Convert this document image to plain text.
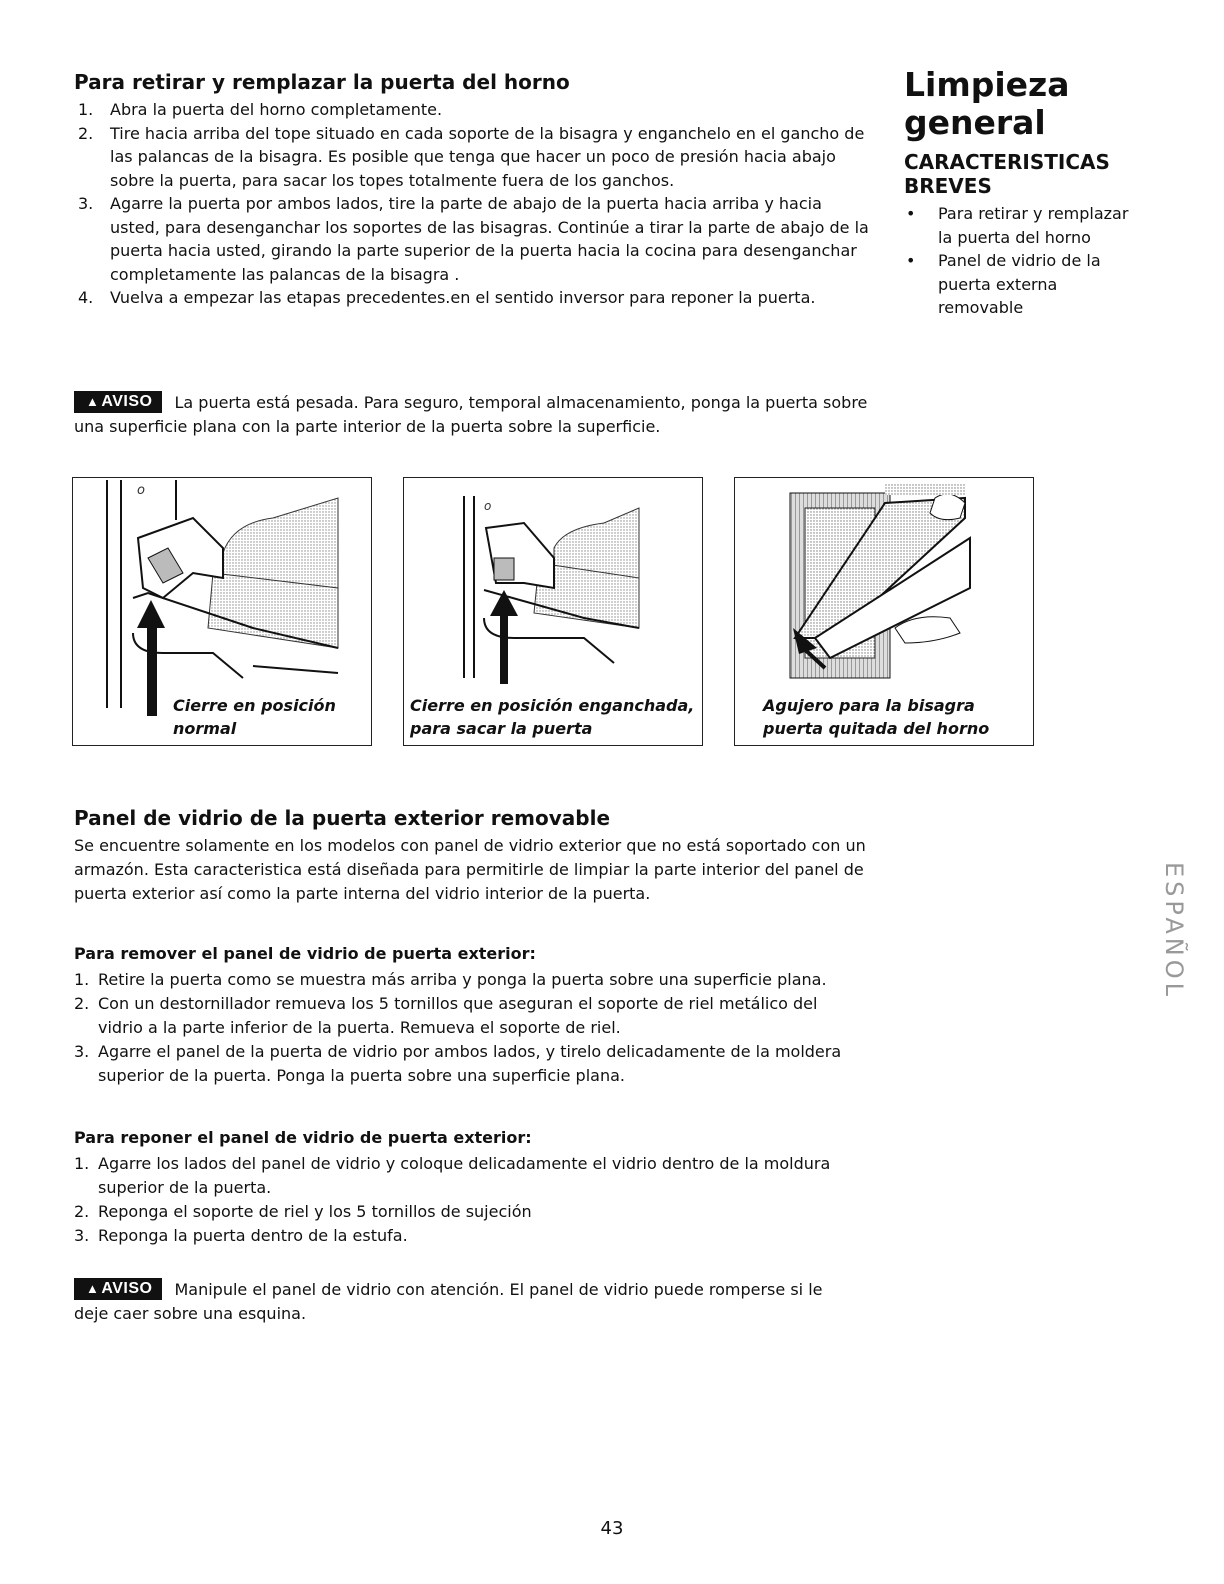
Para retirar y remplazar la puerta del horno
1. Abra la puerta del horno completamente.
2. Tire hacia arriba del tope situado en cada soporte de la bisagra y enganchelo en el gancho de las palancas de la bisagra. Es posible que tenga que hacer un poco de presión hacia abajo sobre la puerta, para sacar los topes totalmente fuera de los ganchos.
3. Agarre la puerta por ambos lados, tire la parte de abajo de la puerta hacia arriba y hacia usted, para desenganchar los soportes de las bisagras. Continúe a tirar la parte de abajo de la puerta hacia usted, girando la parte superior de la puerta hacia la cocina para desenganchar completamente las palancas de la bisagra .
4. Vuelva a empezar las etapas precedentes.en el sentido inversor para reponer la puerta.

Limpieza general

CARACTERISTICAS BREVES

• Para retirar y remplazar la puerta del horno
• Panel de vidrio de la puerta externa removable
▲ AVISO La puerta está pesada. Para seguro, temporal almacenamiento, ponga la puerta sobre una superficie plana con la parte interior de la puerta sobre la superficie.
o
Cierre en posición
normal
o
Cierre en posición enganchada,
para sacar la puerta
Agujero para la bisagra
puerta quitada del horno
Panel de vidrio de la puerta exterior removable

Se encuentre solamente en los modelos con panel de vidrio exterior que no está soportado con un armazón. Esta caracteristica está diseñada para permitirle de limpiar la parte interior del panel de puerta exterior así como la parte interna del vidrio interior de la puerta.

Para remover el panel de vidrio de puerta exterior:

1. Retire la puerta como se muestra más arriba y ponga la puerta sobre una superficie plana.
2. Con un destornillador remueva los 5 tornillos que aseguran el soporte de riel metálico del vidrio a la parte inferior de la puerta. Remueva el soporte de riel.
3. Agarre el panel de la puerta de vidrio por ambos lados, y tirelo delicadamente de la moldera superior de la puerta. Ponga la puerta sobre una superficie plana.

Para reponer el panel de vidrio de puerta exterior:

1. Agarre los lados del panel de vidrio y coloque delicadamente el vidrio dentro de la moldura superior de la puerta.
2. Reponga el soporte de riel y los 5 tornillos de sujeción
3. Reponga la puerta dentro de la estufa.
▲ AVISO Manipule el panel de vidrio con atención. El panel de vidrio puede romperse si le deje caer sobre una esquina.
ESPAÑOL
43
